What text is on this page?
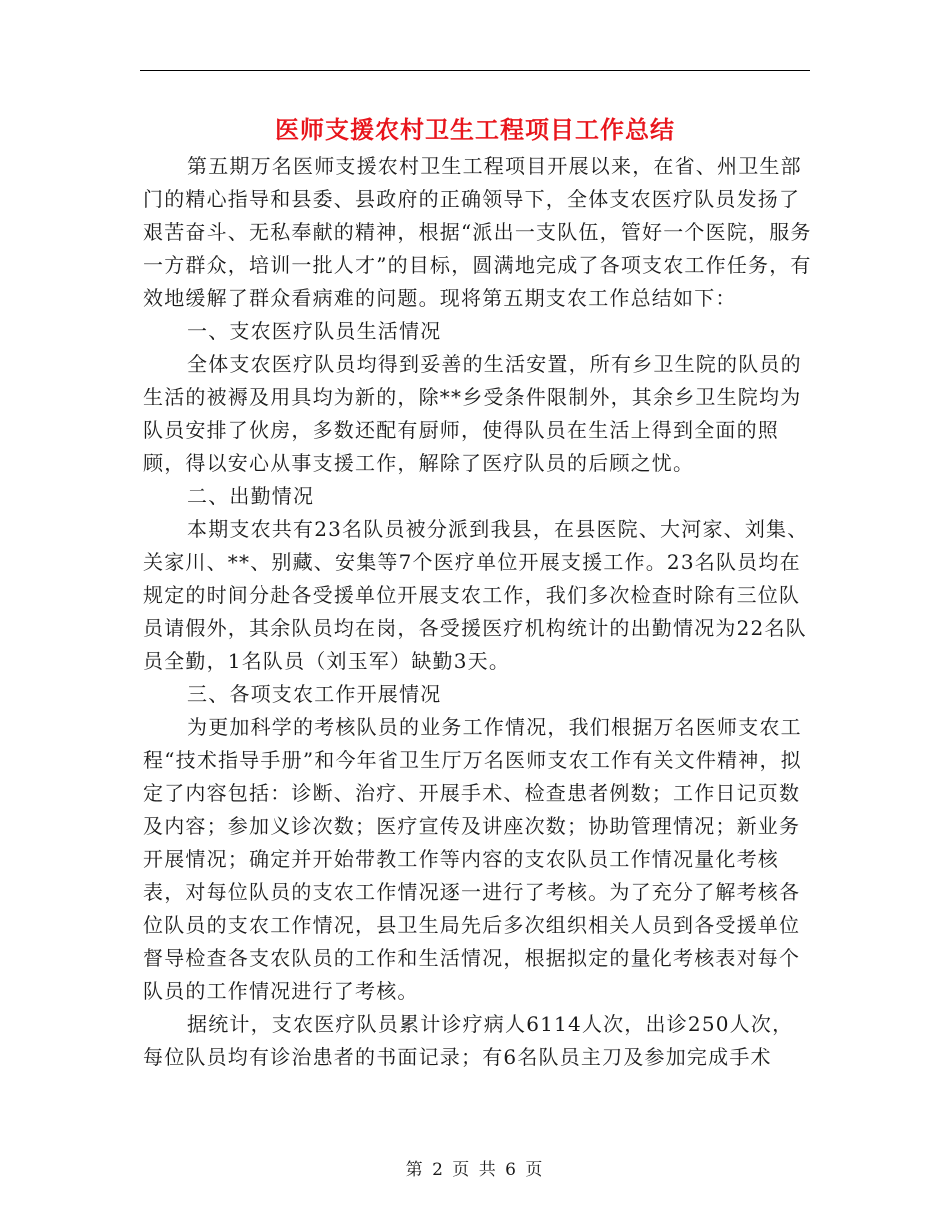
医师支援农村卫生工程项目工作总结

第五期万名医师支援农村卫生工程项目开展以来，在省、州卫生部门的精心指导和县委、县政府的正确领导下，全体支农医疗队员发扬了艰苦奋斗、无私奉献的精神，根据“派出一支队伍，管好一个医院，服务一方群众，培训一批人才”的目标，圆满地完成了各项支农工作任务，有效地缓解了群众看病难的问题。现将第五期支农工作总结如下：

一、支农医疗队员生活情况

全体支农医疗队员均得到妥善的生活安置，所有乡卫生院的队员的生活的被褥及用具均为新的，除**乡受条件限制外，其余乡卫生院均为队员安排了伙房，多数还配有厨师，使得队员在生活上得到全面的照顾，得以安心从事支援工作，解除了医疗队员的后顾之忧。

二、出勤情况

本期支农共有23名队员被分派到我县，在县医院、大河家、刘集、关家川、**、别藏、安集等7个医疗单位开展支援工作。23名队员均在规定的时间分赴各受援单位开展支农工作，我们多次检查时除有三位队员请假外，其余队员均在岗，各受援医疗机构统计的出勤情况为22名队员全勤，1名队员（刘玉军）缺勤3天。

三、各项支农工作开展情况

为更加科学的考核队员的业务工作情况，我们根据万名医师支农工程“技术指导手册”和今年省卫生厅万名医师支农工作有关文件精神，拟定了内容包括：诊断、治疗、开展手术、检查患者例数；工作日记页数及内容；参加义诊次数；医疗宣传及讲座次数；协助管理情况；新业务开展情况；确定并开始带教工作等内容的支农队员工作情况量化考核表，对每位队员的支农工作情况逐一进行了考核。为了充分了解考核各位队员的支农工作情况，县卫生局先后多次组织相关人员到各受援单位督导检查各支农队员的工作和生活情况，根据拟定的量化考核表对每个队员的工作情况进行了考核。

据统计，支农医疗队员累计诊疗病人6114人次，出诊250人次，每位队员均有诊治患者的书面记录；有6名队员主刀及参加完成手术

第 2 页 共 6 页
